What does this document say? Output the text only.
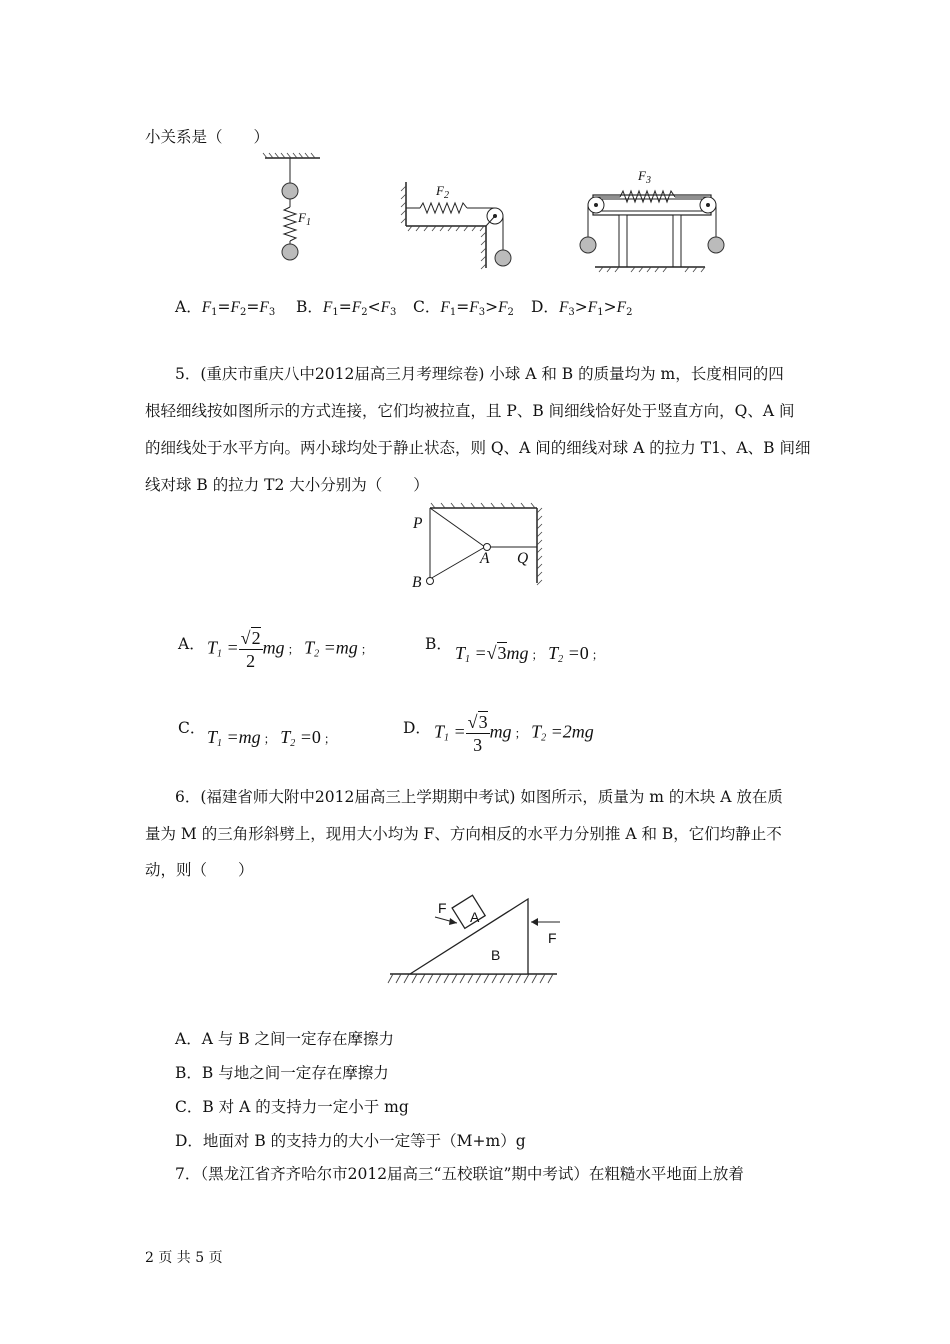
小关系是（　　）
$F_1$
$F_2$
$F_3$
A．$F_1=F_2=F_3$ B．$F_1=F_2<F_3$ C．$F_1=F_3>F_2$ D．$F_3>F_1>F_2$
5．(重庆市重庆八中2012届高三月考理综卷) 小球 A 和 B 的质量均为 m，长度相同的四
根轻细线按如图所示的方式连接，它们均被拉直，且 P、B 间细线恰好处于竖直方向，Q、A 间
的细线处于水平方向。两小球均处于静止状态，则 Q、A 间的细线对球 A 的拉力 T1、A、B 间细
线对球 B 的拉力 T2 大小分别为（　　）
P
A Q
B
A． $T_1 = \frac{√2}{2}$ mg ； $T_2 =mg$ ；	B． $T_1 =√3mg$ ； $T_2 =0$ ；
C． $T_1 =mg$ ； $T_2 =0$ ；
D． $T_1 = \frac{√3}{3}$ mg ； $T_2 =2mg$
6．(福建省师大附中2012届高三上学期期中考试) 如图所示，质量为 m 的木块 A 放在质
量为 M 的三角形斜劈上，现用大小均为 F、方向相反的水平力分别推 A 和 B，它们均静止不
动，则（　　）
F
A
B
F
A．A 与 B 之间一定存在摩擦力
B．B 与地之间一定存在摩擦力
C．B 对 A 的支持力一定小于 mg
D．地面对 B 的支持力的大小一定等于（M+m）g
7．（黑龙江省齐齐哈尔市2012届高三“五校联谊”期中考试）在粗糙水平地面上放着
2 页 共 5 页
